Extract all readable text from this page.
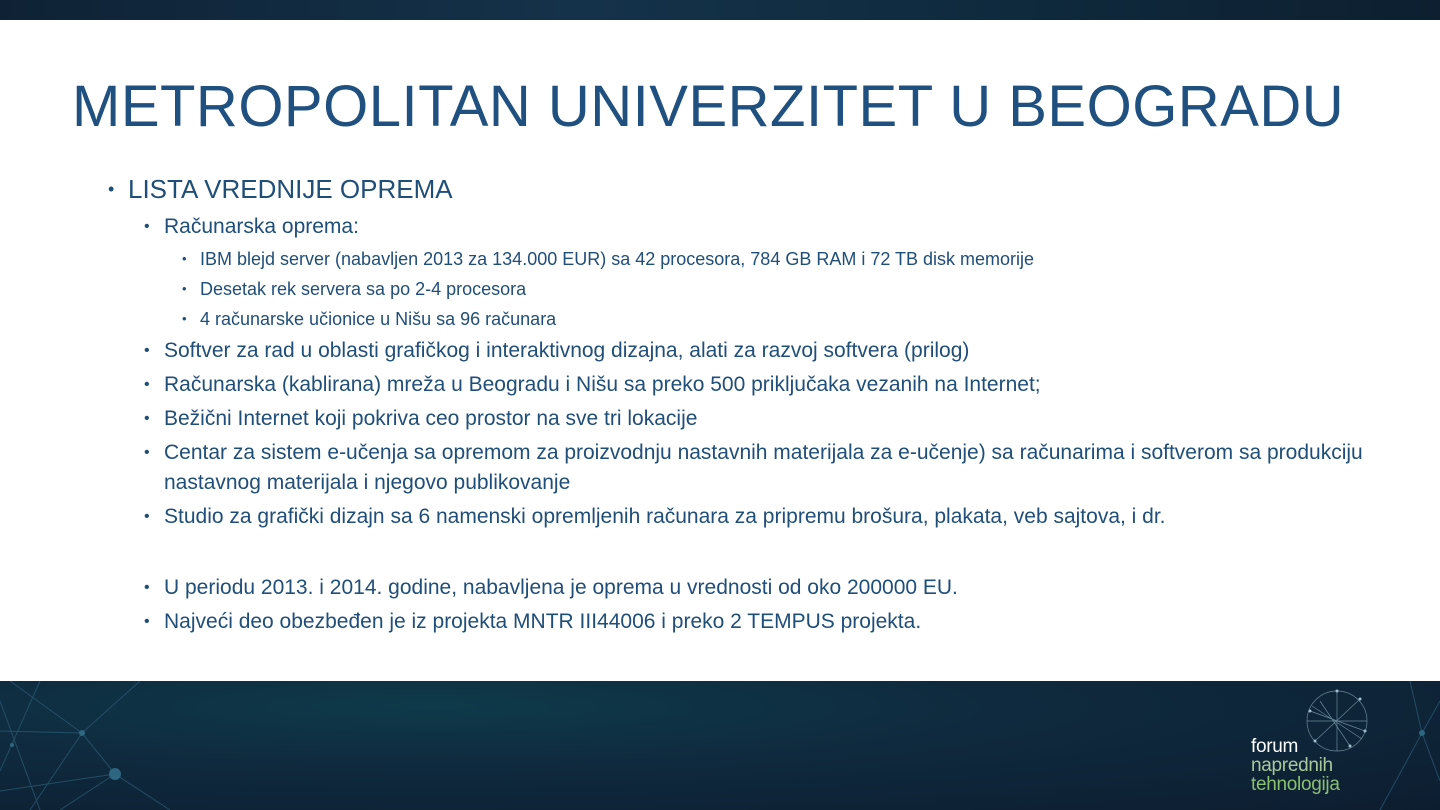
METROPOLITAN UNIVERZITET U BEOGRADU
• LISTA VREDNIJE OPREMA
• Računarska oprema:
• IBM blejd server (nabavljen 2013 za 134.000 EUR) sa 42 procesora, 784 GB RAM i 72 TB disk memorije
• Desetak rek servera sa po 2-4 procesora
• 4 računarske učionice u Nišu sa 96 računara
• Softver za rad u oblasti grafičkog i interaktivnog dizajna, alati za razvoj softvera (prilog)
• Računarska (kablirana) mreža u Beogradu i Nišu sa preko 500 priključaka vezanih na Internet;
• Bežični Internet koji pokriva ceo prostor na sve tri lokacije
• Centar za sistem e-učenja sa opremom za proizvodnju nastavnih materijala za e-učenje) sa računarima i softverom sa produkciju nastavnog materijala i njegovo publikovanje
• Studio za grafički dizajn sa 6 namenski opremljenih računara za pripremu brošura, plakata, veb sajtova, i dr.
• U periodu 2013. i 2014. godine, nabavljena je oprema u vrednosti od oko 200000 EU.
• Najveći deo obezbeđen je iz projekta MNTR III44006 i preko 2 TEMPUS projekta.
forum
naprednih
tehnologija
